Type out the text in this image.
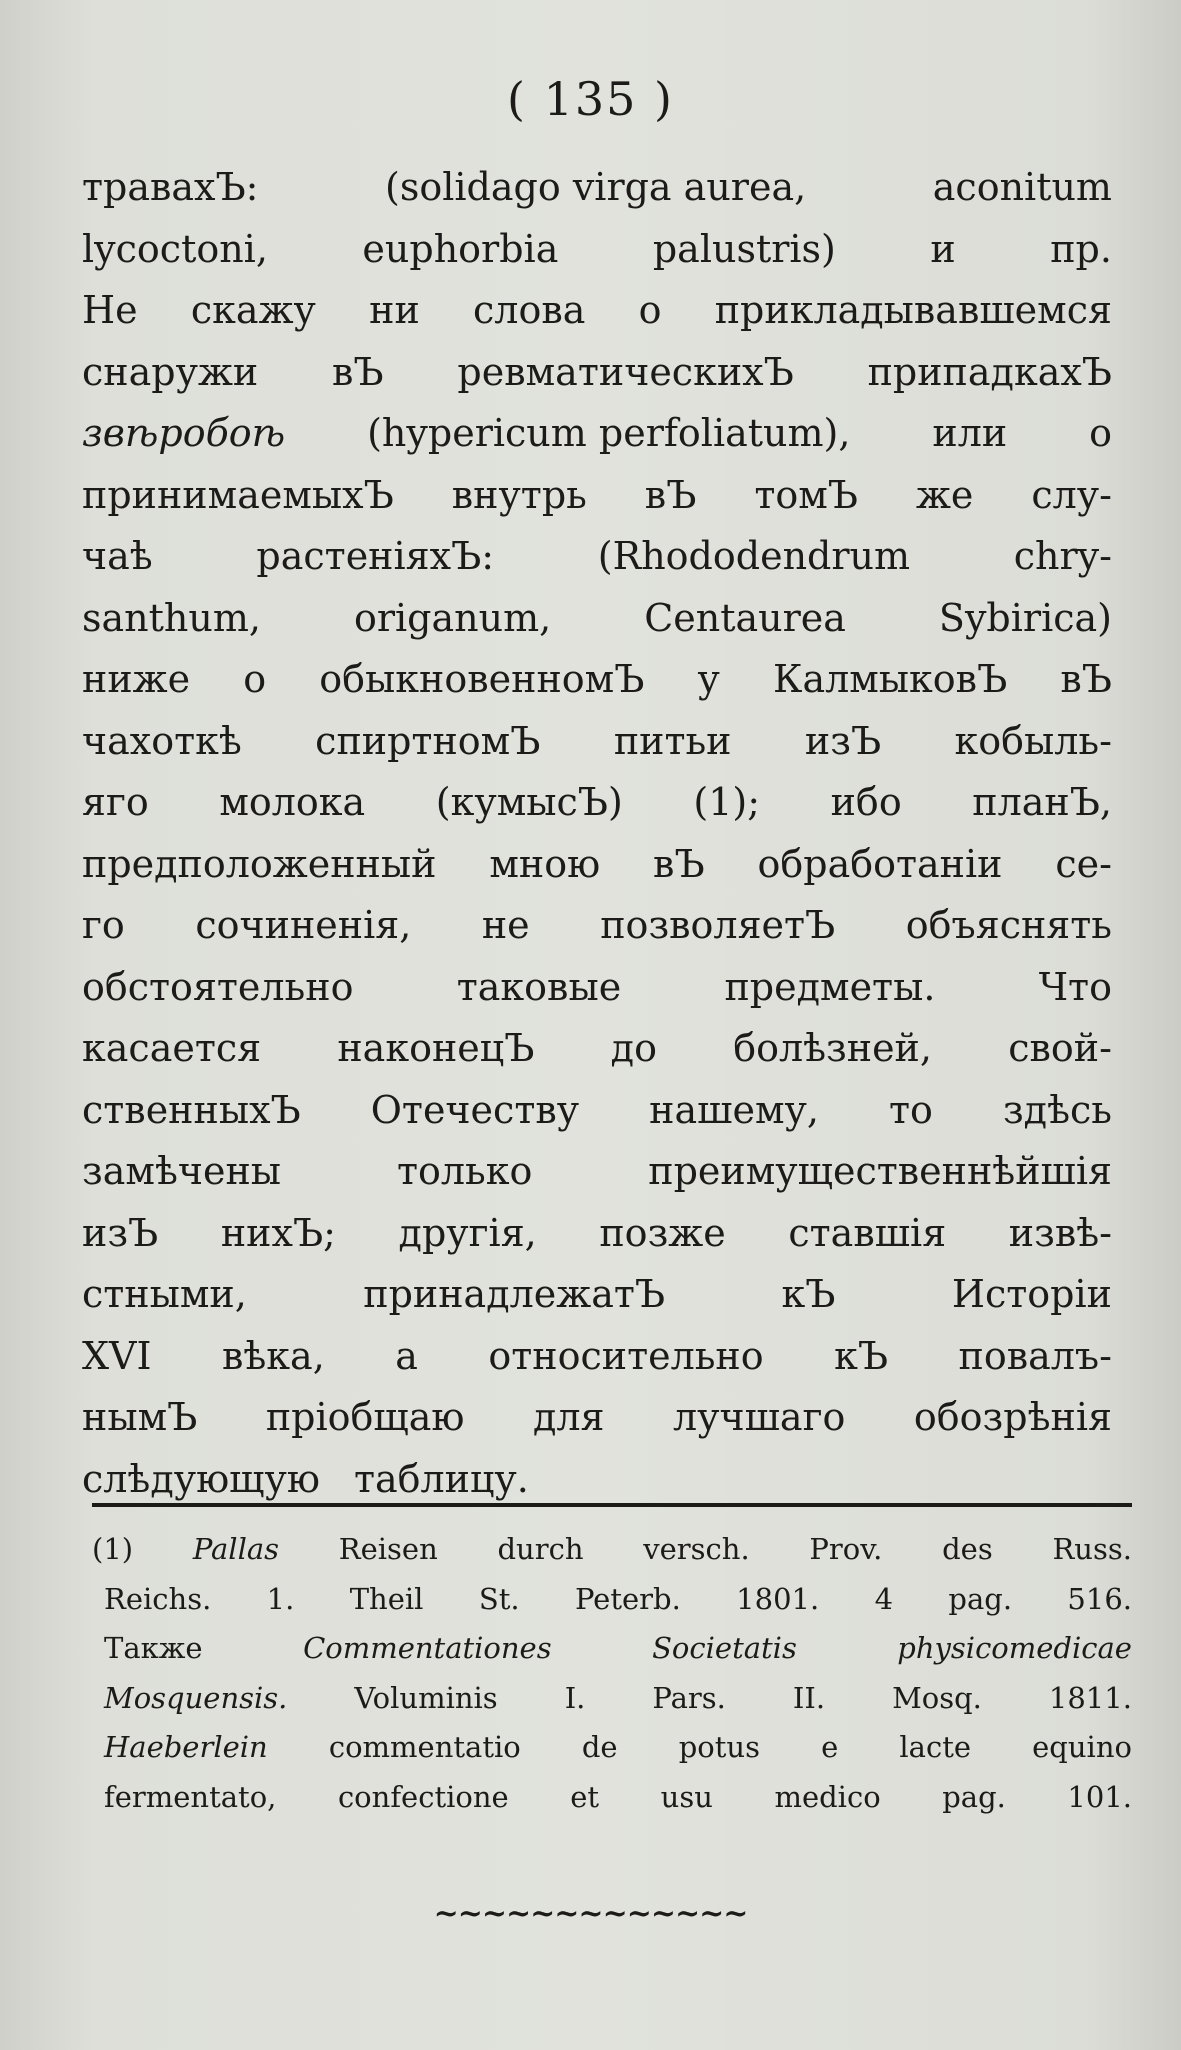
( 135 )
травахЪ:	(solidago virga aurea,	aconitum
lycoctoni, euphorbia palustris) и пр.
Не скажу ни слова о прикладывавшемся
снаружи вЪ ревматическихЪ припадкахЪ
звѣробоѣ (hypericum perfoliatum), или о
принимаемыхЪ внутрь вЪ томЪ же слу-
чаѣ	растенiяхЪ:	(Rhododendrum	chry-
santhum, origanum, Centaurea Sybirica)
ниже о обыкновенномЪ у КалмыковЪ вЪ
чахоткѣ спиртномЪ питьи изЪ кобыль-
яго молока (кумысЪ) (1); ибо планЪ,
предположенный мною вЪ обработанiи се-
го сочиненiя, не позволяетЪ объяснять
обстоятельно	таковые	предметы.	Что
касается наконецЪ до болѣзней, свой-
ственныхЪ Отечеству нашему, то здѣсь
замѣчены	только	преимущественнѣйшiя
изЪ нихЪ; другiя, позже ставшiя извѣ-
стными,	принадлежатЪ	кЪ	Исторiи
XVI вѣка, а относительно кЪ повалъ-
нымЪ прiобщаю для лучшаго обозрѣнiя
слѣдующую таблицу.
(1) Pallas Reisen durch versch. Prov. des Russ.
Reichs. 1. Theil St. Peterb. 1801. 4 pag. 516.
Также	Commentationes	Societatis	physicomedicae
Mosquensis. Voluminis I. Pars. II. Mosq. 1811.
Haeberlein commentatio de potus e lacte equino
fermentato, confectione et usu medico pag. 101.
~~~~~~~~~~~~~
